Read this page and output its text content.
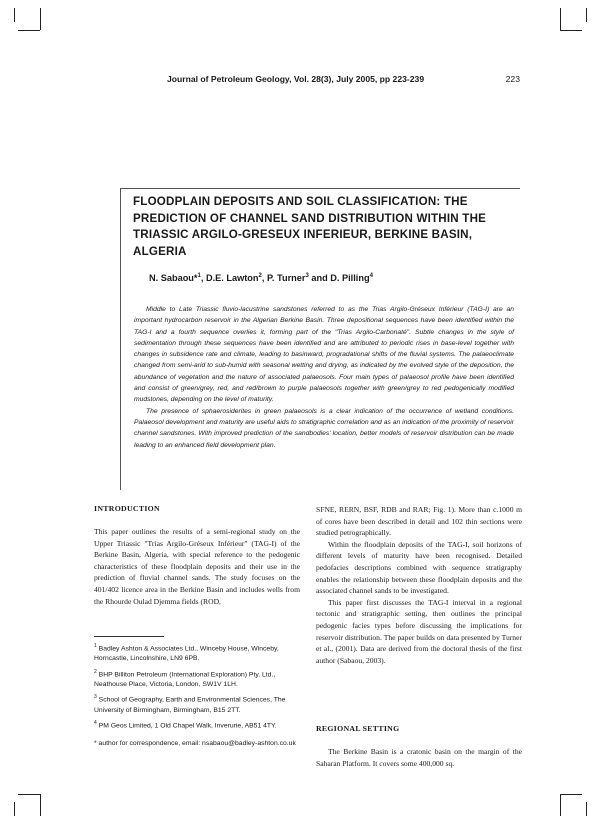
Journal of Petroleum Geology, Vol. 28(3), July 2005, pp 223-239	223
FLOODPLAIN DEPOSITS AND SOIL CLASSIFICATION: THE PREDICTION OF CHANNEL SAND DISTRIBUTION WITHIN THE TRIASSIC ARGILO-GRESEUX INFERIEUR, BERKINE BASIN, ALGERIA
N. Sabaou*$^1$, D.E. Lawton$^2$, P. Turner$^3$ and D. Pilling$^4$

Middle to Late Triassic fluvio-lacustrine sandstones referred to as the Trias Argilo-Gréseux Inférieur (TAG-I) are an important hydrocarbon reservoir in the Algerian Berkine Basin. Three depositional sequences have been identified within the TAG-I and a fourth sequence overlies it, forming part of the "Trias Argilo-Carbonaté". Subtle changes in the style of sedimentation through these sequences have been identified and are attributed to periodic rises in base-level together with changes in subsidence rate and climate, leading to basinward, progradational shifts of the fluvial systems. The palaeoclimate changed from semi-arid to sub-humid with seasonal wetting and drying, as indicated by the evolved style of the deposition, the abundance of vegetation and the nature of associated palaeosols. Four main types of palaeosol profile have been identified and consist of green/grey, red, and red/brown to purple palaeosols together with green/grey to red pedogenically modified mudstones, depending on the level of maturity.

The presence of sphaerosiderites in green palaeosols is a clear indication of the occurrence of wetland conditions. Palaeosol development and maturity are useful aids to stratigraphic correlation and as an indication of the proximity of reservoir channel sandstones. With improved prediction of the sandbodies' location, better models of reservoir distribution can be made leading to an enhanced field development plan.

INTRODUCTION

This paper outlines the results of a semi-regional study on the Upper Triassic "Trias Argilo-Gréseux Inférieur" (TAG-I) of the Berkine Basin, Algeria, with special reference to the pedogenic characteristics of these floodplain deposits and their use in the prediction of fluvial channel sands. The study focuses on the 401/402 licence area in the Berkine Basin and includes wells from the Rhourde Oulad Djemma fields (ROD,

$^1$ Badley Ashton & Associates Ltd., Winceby House, Winceby, Horncastle, Lincolnshire, LN9 6PB.

$^2$ BHP Billiton Petroleum (International Exploration) Pty. Ltd., Neathouse Place, Victoria, London, SW1V 1LH.

$^3$ School of Geography, Earth and Environmental Sciences, The University of Birmingham, Birmingham, B15 2TT.

$^4$ PM Geos Limited, 1 Old Chapel Walk, Inverurie, AB51 4TY.

* author for correspondence, email: nsabaou@badley-ashton.co.uk

SFNE, RERN, BSF, RDB and RAR; Fig. 1). More than c.1000 m of cores have been described in detail and 102 thin sections were studied petrographically.

Within the floodplain deposits of the TAG-I, soil horizons of different levels of maturity have been recognised. Detailed pedofacies descriptions combined with sequence stratigraphy enables the relationship between these floodplain deposits and the associated channel sands to be investigated.

This paper first discusses the TAG-I interval in a regional tectonic and stratigraphic setting, then outlines the principal pedogenic facies types before discussing the implications for reservoir distribution. The paper builds on data presented by Turner et al., (2001). Data are derived from the doctoral thesis of the first author (Sabaou, 2003).

REGIONAL SETTING

The Berkine Basin is a cratonic basin on the margin of the Saharan Platform. It covers some 400,000 sq.
